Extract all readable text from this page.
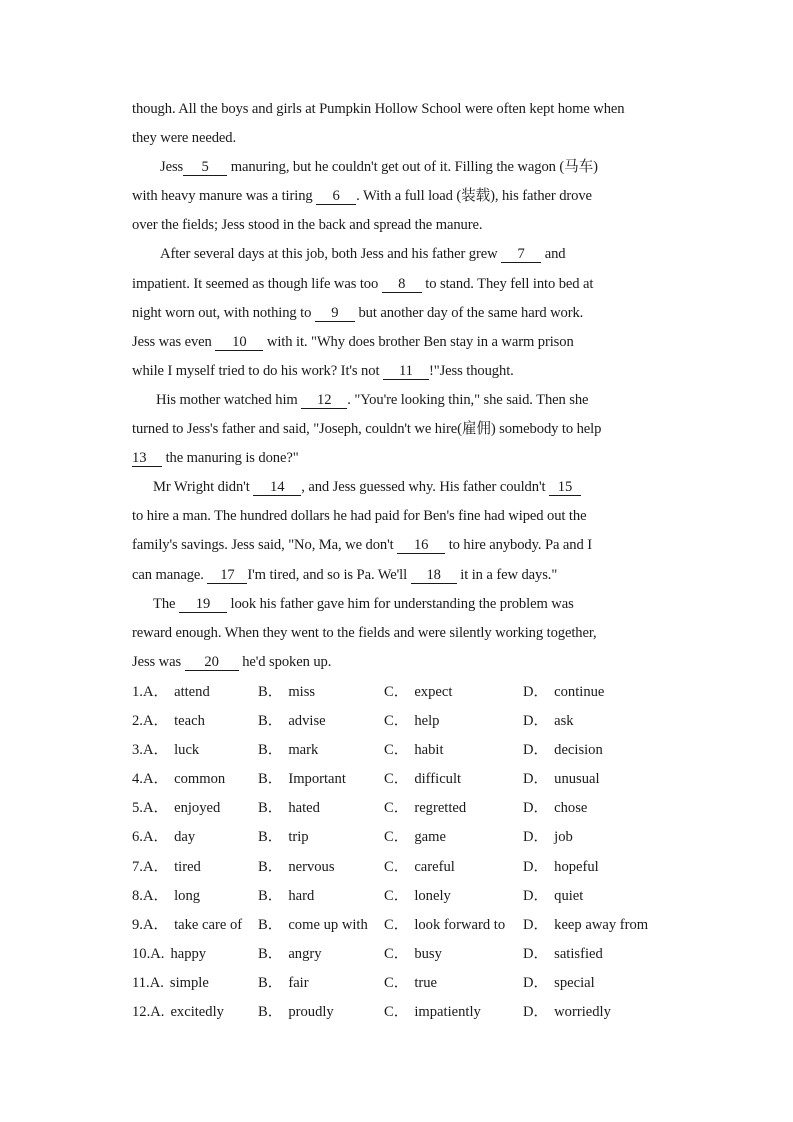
though. All the boys and girls at Pumpkin Hollow School were often kept home when
they were needed.
Jess 5 manuring, but he couldn't get out of it. Filling the wagon (马车)
with heavy manure was a tiring 6 . With a full load (装载), his father drove
over the fields; Jess stood in the back and spread the manure.
After several days at this job, both Jess and his father grew 7 and
impatient. It seemed as though life was too 8 to stand. They fell into bed at
night worn out, with nothing to 9 but another day of the same hard work.
Jess was even 10 with it. "Why does brother Ben stay in a warm prison
while I myself tried to do his work? It's not 11 !"Jess thought.
His mother watched him 12 . "You're looking thin," she said. Then she
turned to Jess's father and said, "Joseph, couldn't we hire(雇佣) somebody to help
13 the manuring is done?"
Mr Wright didn't 14 , and Jess guessed why. His father couldn't 15
to hire a man. The hundred dollars he had paid for Ben's fine had wiped out the
family's savings. Jess said, "No, Ma, we don't 16 to hire anybody. Pa and I
can manage. 17 I'm tired, and so is Pa. We'll 18 it in a few days."
The 19 look his father gave him for understanding the problem was
reward enough. When they went to the fields and were silently working together,
Jess was 20 he'd spoken up.
1.A． attend	B． miss	C． expect	D． continue
2.A． teach	B． advise	C． help	D． ask
3.A． luck	B． mark	C． habit	D． decision
4.A． common B． Important	C． difficult	D． unusual
5.A． enjoyed	B． hated	C． regretted	D． chose
6.A． day	B． trip	C． game	D． job
7.A． tired	B． nervous	C． careful	D． hopeful
8.A． long	B． hard	C． lonely	D． quiet
9.A． take care of B． come up with C． look forward to D． keep away from
10.A. happy	B． angry	C． busy	D． satisfied
11.A. simple	B． fair	C． true	D． special
12.A. excitedly B． proudly	C． impatiently	D． worriedly
